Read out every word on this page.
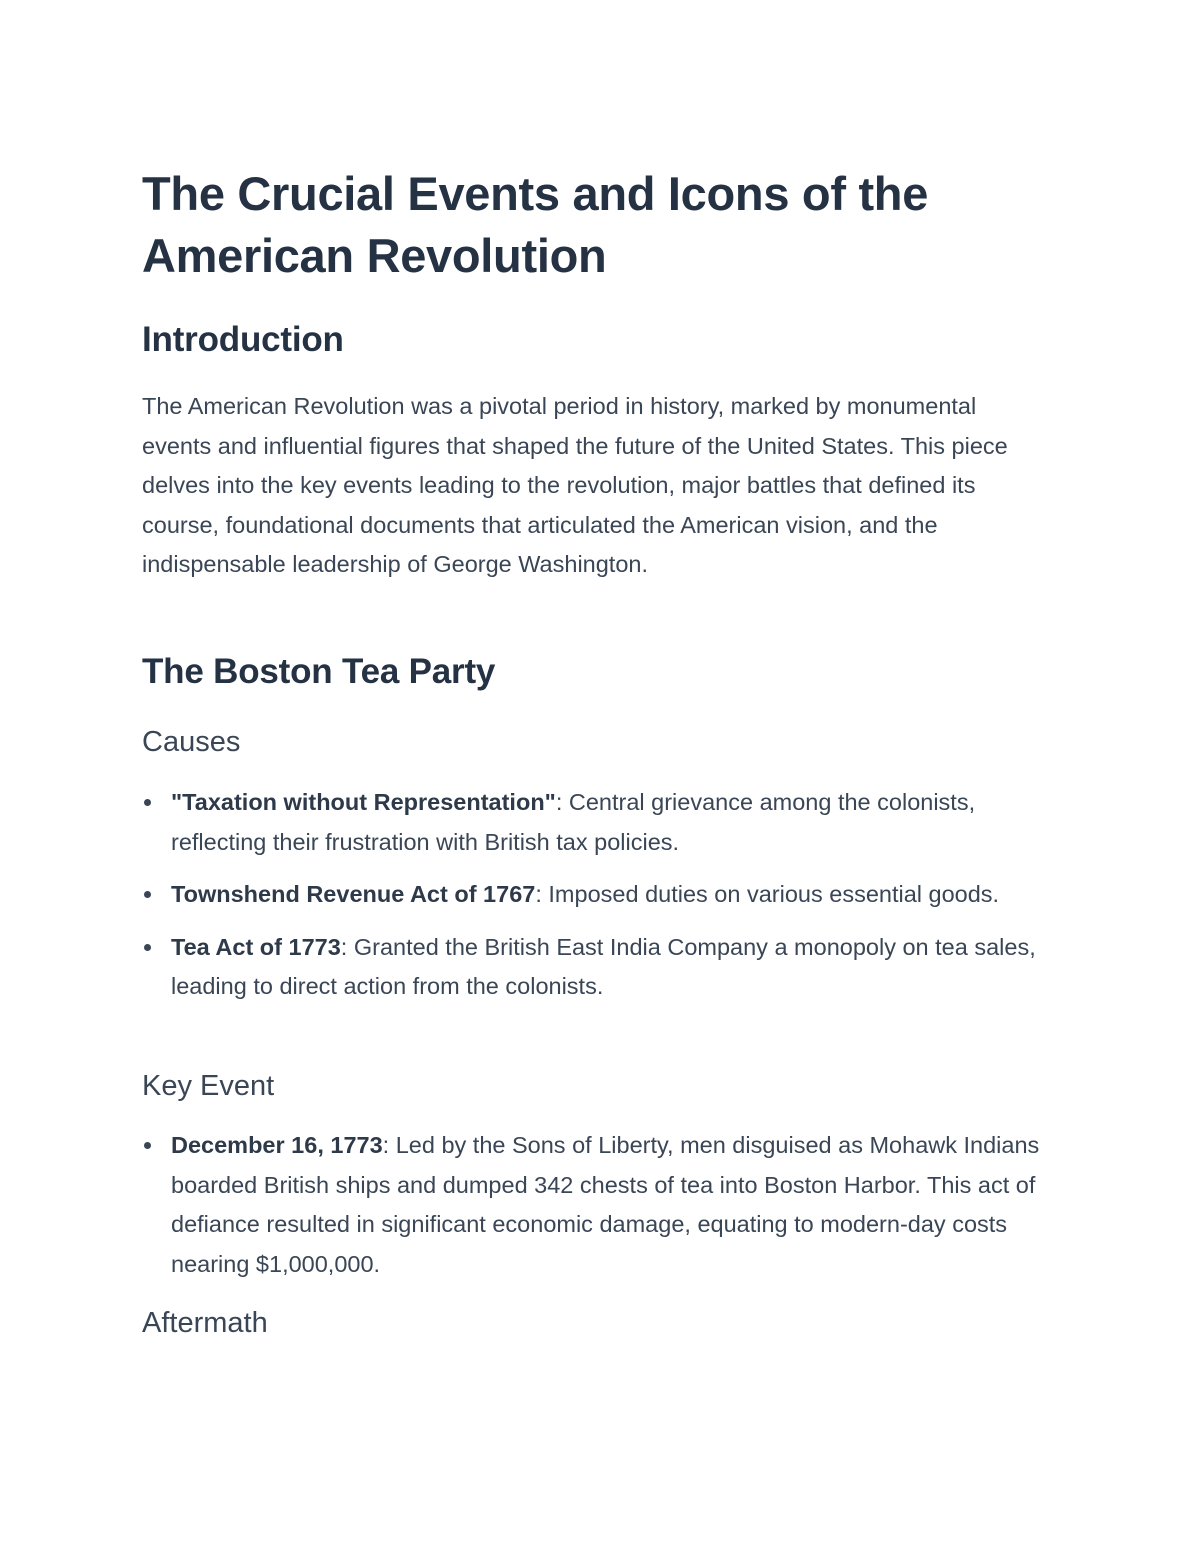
The Crucial Events and Icons of the American Revolution
Introduction

The American Revolution was a pivotal period in history, marked by monumental events and influential figures that shaped the future of the United States. This piece delves into the key events leading to the revolution, major battles that defined its course, foundational documents that articulated the American vision, and the indispensable leadership of George Washington.

The Boston Tea Party
Causes
"Taxation without Representation": Central grievance among the colonists, reflecting their frustration with British tax policies.
Townshend Revenue Act of 1767: Imposed duties on various essential goods.
Tea Act of 1773: Granted the British East India Company a monopoly on tea sales, leading to direct action from the colonists.
Key Event
December 16, 1773: Led by the Sons of Liberty, men disguised as Mohawk Indians boarded British ships and dumped 342 chests of tea into Boston Harbor. This act of defiance resulted in significant economic damage, equating to modern-day costs nearing $1,000,000.
Aftermath
